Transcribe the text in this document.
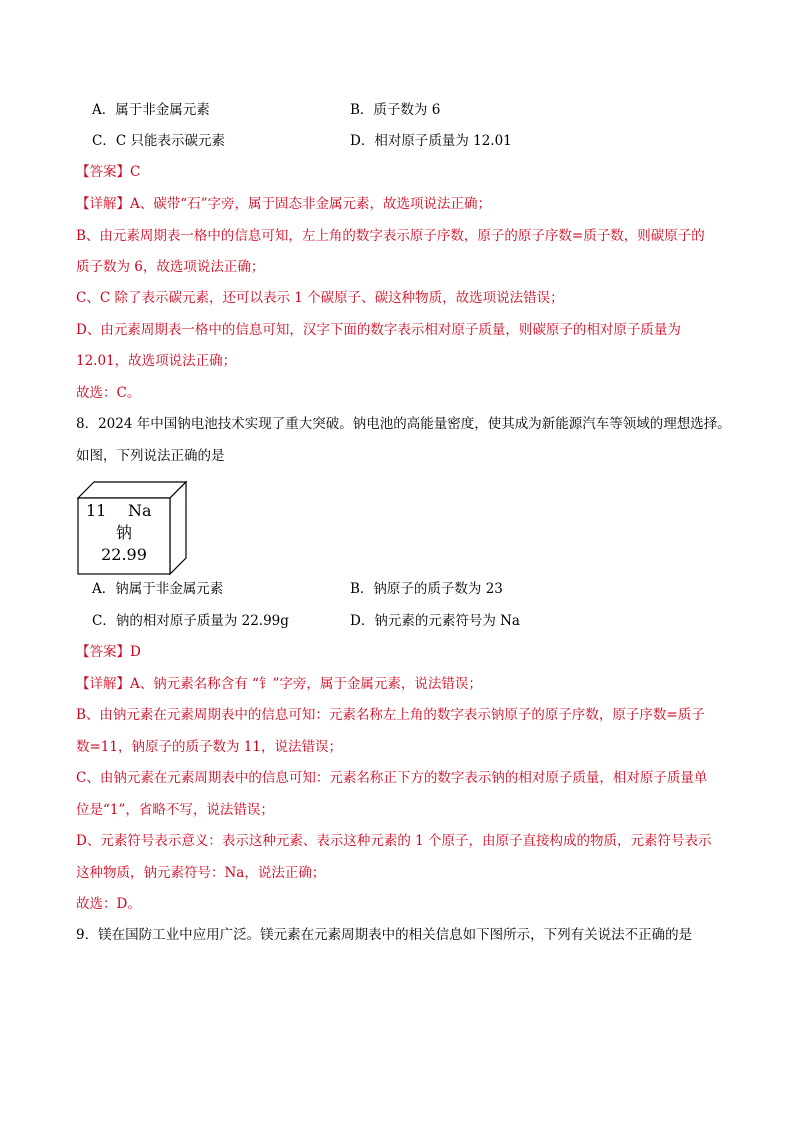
A．属于非金属元素	B．质子数为 6
C．C 只能表示碳元素	D．相对原子质量为 12.01
【答案】C
【详解】A、碳带“石”字旁，属于固态非金属元素，故选项说法正确；
B、由元素周期表一格中的信息可知，左上角的数字表示原子序数，原子的原子序数=质子数，则碳原子的
质子数为 6，故选项说法正确；
C、C 除了表示碳元素，还可以表示 1 个碳原子、碳这种物质，故选项说法错误；
D、由元素周期表一格中的信息可知，汉字下面的数字表示相对原子质量，则碳原子的相对原子质量为
12.01，故选项说法正确；
故选：C。
8．2024 年中国钠电池技术实现了重大突破。钠电池的高能量密度，使其成为新能源汽车等领域的理想选择。
如图，下列说法正确的是
11 Na
钠
22.99
A．钠属于非金属元素	B．钠原子的质子数为 23
C．钠的相对原子质量为 22.99g	D．钠元素的元素符号为 Na
【答案】D
【详解】A、钠元素名称含有 “钅”字旁，属于金属元素，说法错误；
B、由钠元素在元素周期表中的信息可知：元素名称左上角的数字表示钠原子的原子序数，原子序数=质子
数=11，钠原子的质子数为 11，说法错误；
C、由钠元素在元素周期表中的信息可知：元素名称正下方的数字表示钠的相对原子质量，相对原子质量单
位是“1”，省略不写，说法错误；
D、元素符号表示意义：表示这种元素、表示这种元素的 1 个原子，由原子直接构成的物质，元素符号表示
这种物质，钠元素符号：Na，说法正确；
故选：D。
9．镁在国防工业中应用广泛。镁元素在元素周期表中的相关信息如下图所示，下列有关说法不正确的是
